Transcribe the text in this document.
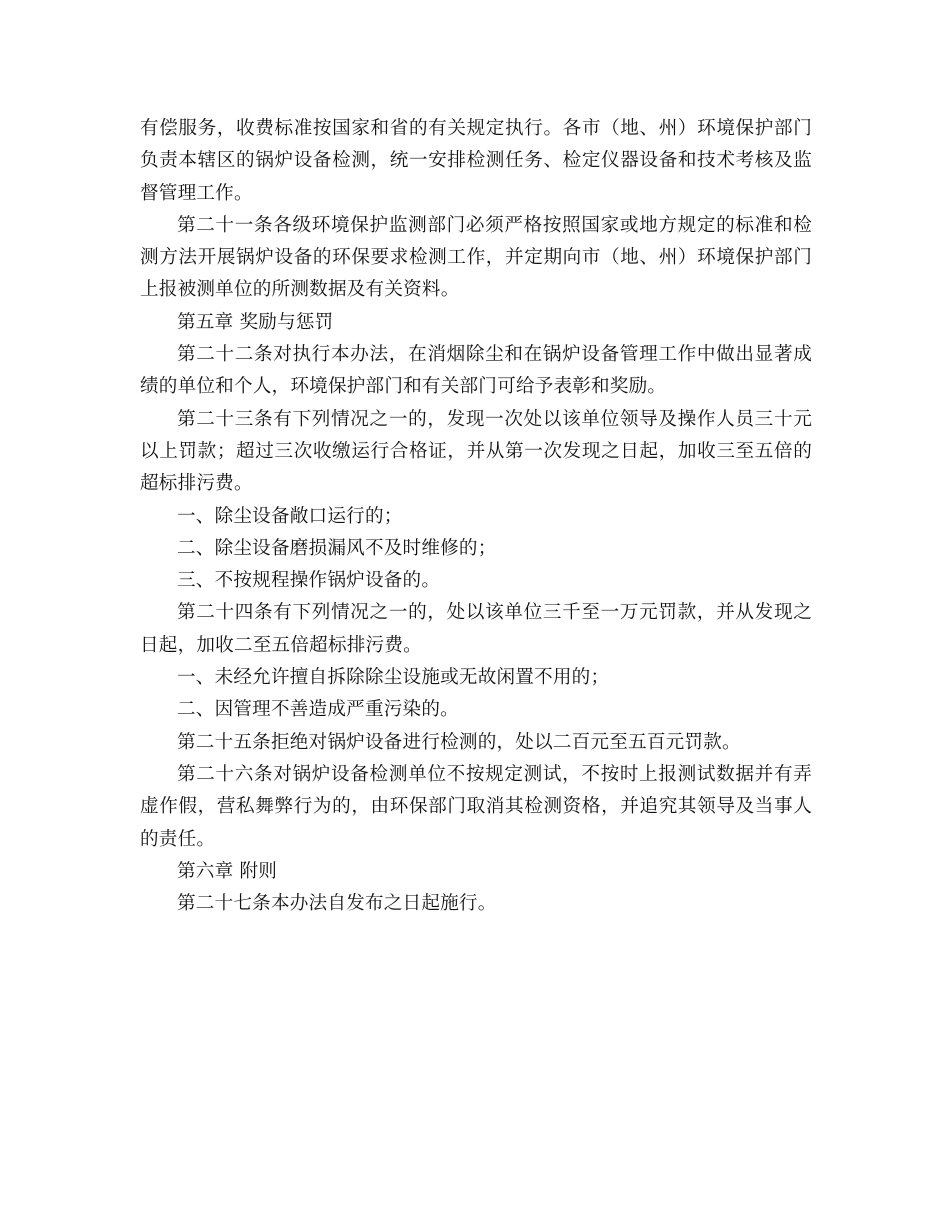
有偿服务，收费标准按国家和省的有关规定执行。各市（地、州）环境保护部门负责本辖区的锅炉设备检测，统一安排检测任务、检定仪器设备和技术考核及监督管理工作。

第二十一条各级环境保护监测部门必须严格按照国家或地方规定的标准和检测方法开展锅炉设备的环保要求检测工作，并定期向市（地、州）环境保护部门上报被测单位的所测数据及有关资料。

第五章 奖励与惩罚

第二十二条对执行本办法，在消烟除尘和在锅炉设备管理工作中做出显著成绩的单位和个人，环境保护部门和有关部门可给予表彰和奖励。

第二十三条有下列情况之一的，发现一次处以该单位领导及操作人员三十元以上罚款；超过三次收缴运行合格证，并从第一次发现之日起，加收三至五倍的超标排污费。

一、除尘设备敞口运行的；

二、除尘设备磨损漏风不及时维修的；

三、不按规程操作锅炉设备的。

第二十四条有下列情况之一的，处以该单位三千至一万元罚款，并从发现之日起，加收二至五倍超标排污费。

一、未经允许擅自拆除除尘设施或无故闲置不用的；

二、因管理不善造成严重污染的。

第二十五条拒绝对锅炉设备进行检测的，处以二百元至五百元罚款。

第二十六条对锅炉设备检测单位不按规定测试，不按时上报测试数据并有弄虚作假，营私舞弊行为的，由环保部门取消其检测资格，并追究其领导及当事人的责任。

第六章 附则

第二十七条本办法自发布之日起施行。
